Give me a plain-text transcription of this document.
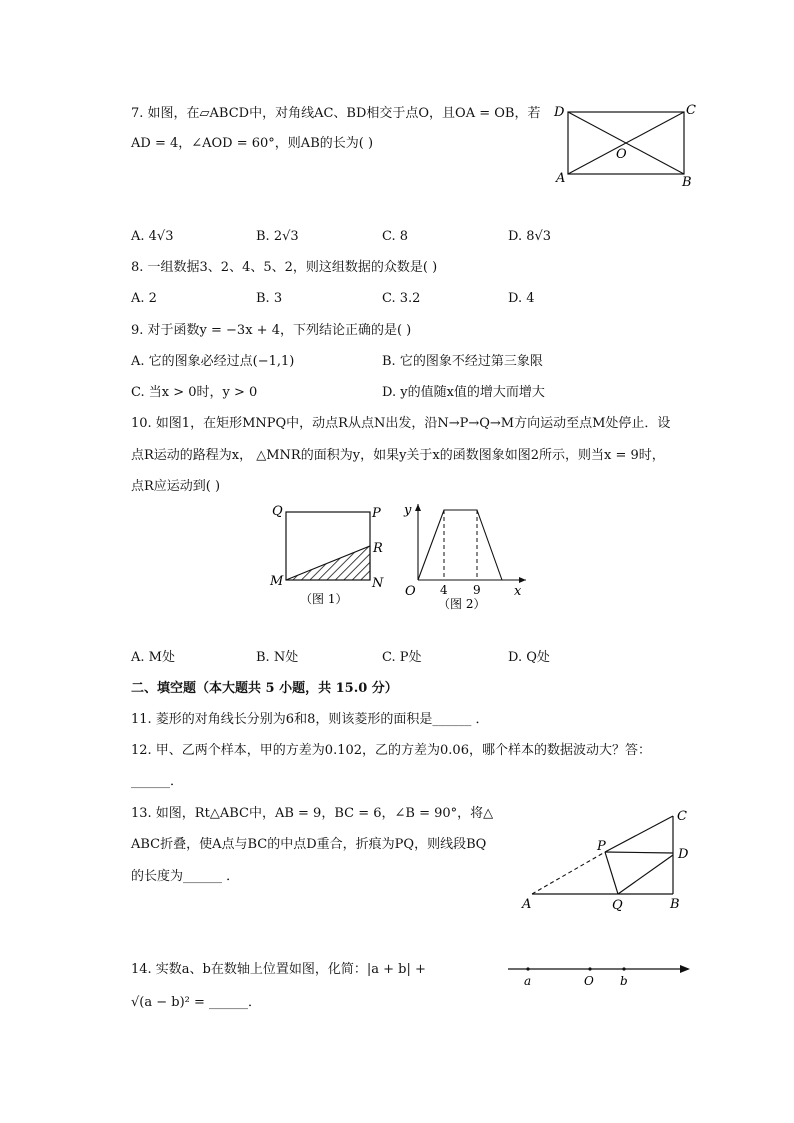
7. 如图，在▱ABCD中，对角线AC、BD相交于点O，且OA = OB，若
AD = 4，∠AOD = 60°，则AB的长为( )
D	C
O
A	B
A. 4√3	B. 2√3	C. 8	D. 8√3
8. 一组数据3、2、4、5、2，则这组数据的众数是( )
A. 2	B. 3	C. 3.2	D. 4
9. 对于函数y = −3x + 4，下列结论正确的是( )
A. 它的图象必经过点(−1,1)	B. 它的图象不经过第三象限
C. 当x > 0时，y > 0	D. y的值随x值的增大而增大
10. 如图1，在矩形MNPQ中，动点R从点N出发，沿N→P→Q→M方向运动至点M处停止．设
点R运动的路程为x， △MNR的面积为y，如果y关于x的函数图象如图2所示，则当x = 9时，
点R应运动到( )
Q	P
R
M	N
（图 1）
y
x
O 4 9
（图 2）
A. M处	B. N处	C. P处	D. Q处
二、填空题（本大题共 5 小题，共 15.0 分）
11. 菱形的对角线长分别为6和8，则该菱形的面积是______ ．
12. 甲、乙两个样本，甲的方差为0.102，乙的方差为0.06，哪个样本的数据波动大？答：
______．
13. 如图，Rt△ABC中，AB = 9，BC = 6，∠B = 90°，将△
ABC折叠，使A点与BC的中点D重合，折痕为PQ，则线段BQ
的长度为______ ．
C
P
D
A	Q	B
14. 实数a、b在数轴上位置如图，化简：|a + b| +
√(a − b)² = ______．
a	O b
